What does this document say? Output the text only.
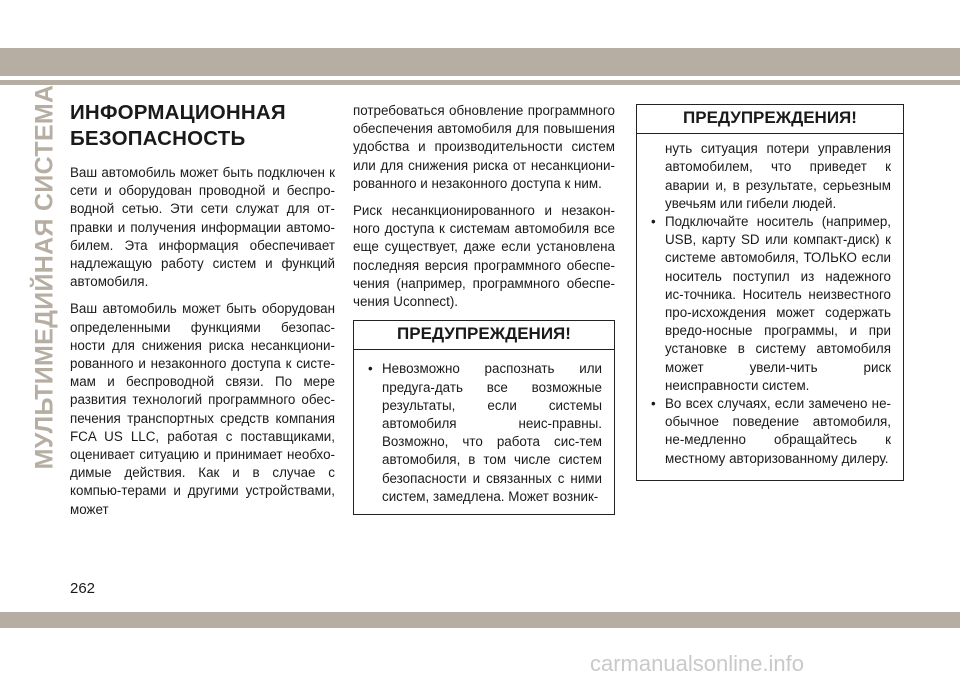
МУЛЬТИМЕДИЙНАЯ СИСТЕМА ИНФОРМАЦИОННАЯ
БЕЗОПАСНОСТЬ

Ваш автомобиль может быть подключен к сети и оборудован проводной и беспро-водной сетью. Эти сети служат для от-правки и получения информации автомо-билем. Эта информация обеспечивает надлежащую работу систем и функций автомобиля.

Ваш автомобиль может быть оборудован определенными функциями безопас-ности для снижения риска несанкциони-рованного и незаконного доступа к систе-мам и беспроводной связи. По мере развития технологий программного обес-печения транспортных средств компания FCA US LLC, работая с поставщиками, оценивает ситуацию и принимает необхо-димые действия. Как и в случае с компью-терами и другими устройствами, может

потребоваться обновление программного обеспечения автомобиля для повышения удобства и производительности систем или для снижения риска от несанкциони-рованного и незаконного доступа к ним.

Риск несанкционированного и незакон-ного доступа к системам автомобиля все еще существует, даже если установлена последняя версия программного обеспе-чения (например, программного обеспе-чения Uconnect).

ПРЕДУПРЕЖДЕНИЯ!
• Невозможно распознать или предуга-дать все возможные результаты, если системы автомобиля неис-правны. Возможно, что работа сис-тем автомобиля, в том числе систем безопасности и связанных с ними систем, замедлена. Может возник-
ПРЕДУПРЕЖДЕНИЯ!
нуть ситуация потери управления автомобилем, что приведет к аварии и, в результате, серьезным увечьям или гибели людей.
• Подключайте носитель (например, USB, карту SD или компакт-диск) к системе автомобиля, ТОЛЬКО если носитель поступил из надежного ис-точника. Носитель неизвестного про-исхождения может содержать вредо-носные программы, и при установке в систему автомобиля может увели-чить риск неисправности систем.
• Во всех случаях, если замечено не-обычное поведение автомобиля, не-медленно обращайтесь к местному авторизованному дилеру.
262
carmanualsonline.info
